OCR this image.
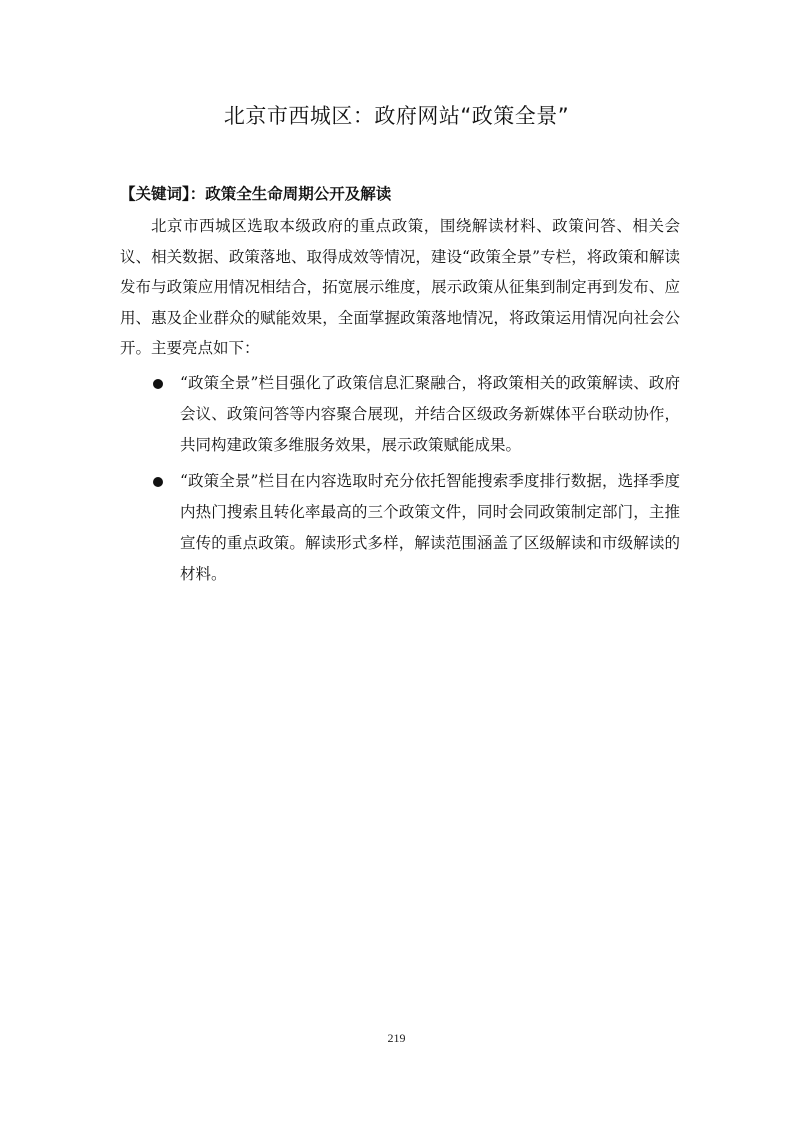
北京市西城区：政府网站“政策全景”
【关键词】：政策全生命周期公开及解读

北京市西城区选取本级政府的重点政策，围绕解读材料、政策问答、相关会议、相关数据、政策落地、取得成效等情况，建设“政策全景”专栏，将政策和解读发布与政策应用情况相结合，拓宽展示维度，展示政策从征集到制定再到发布、应用、惠及企业群众的赋能效果，全面掌握政策落地情况，将政策运用情况向社会公开。主要亮点如下：

“政策全景”栏目强化了政策信息汇聚融合，将政策相关的政策解读、政府会议、政策问答等内容聚合展现，并结合区级政务新媒体平台联动协作，共同构建政策多维服务效果，展示政策赋能成果。
“政策全景”栏目在内容选取时充分依托智能搜索季度排行数据，选择季度内热门搜索且转化率最高的三个政策文件，同时会同政策制定部门，主推宣传的重点政策。解读形式多样，解读范围涵盖了区级解读和市级解读的材料。
219
